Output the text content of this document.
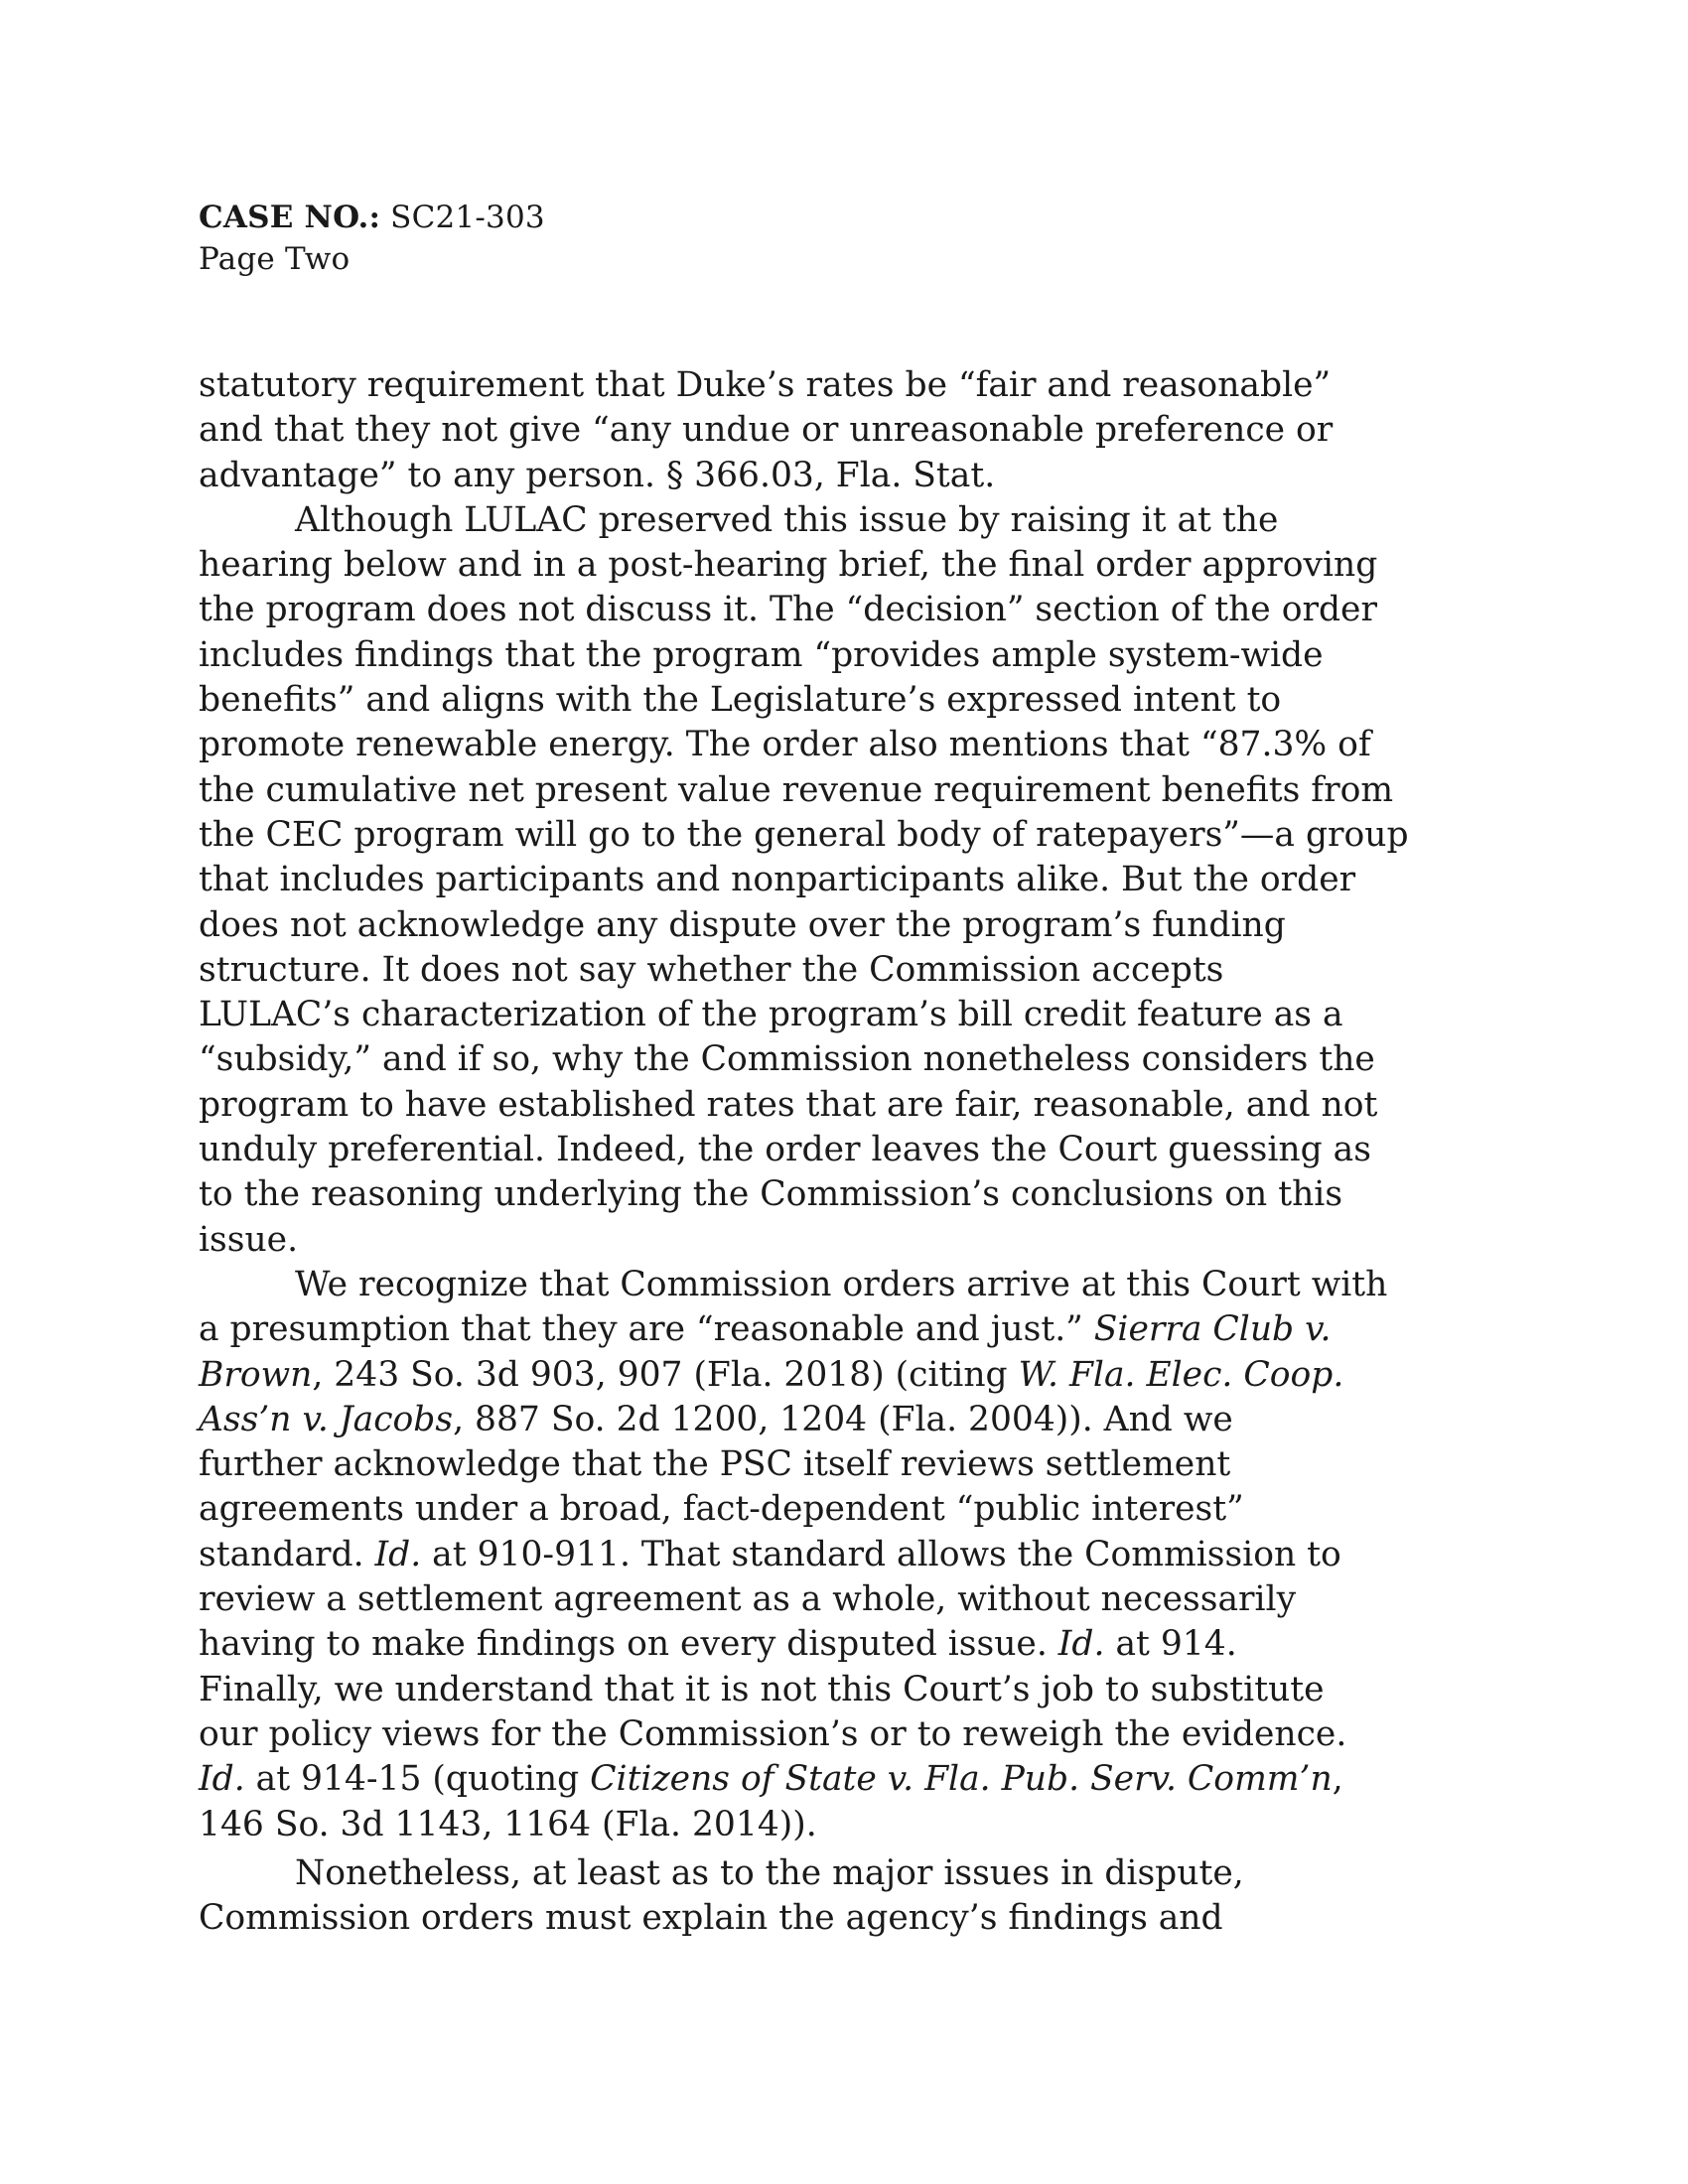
CASE NO.: SC21-303
Page Two
statutory requirement that Duke’s rates be “fair and reasonable”
and that they not give “any undue or unreasonable preference or
advantage” to any person. § 366.03, Fla. Stat.
Although LULAC preserved this issue by raising it at the
hearing below and in a post-hearing brief, the final order approving
the program does not discuss it. The “decision” section of the order
includes findings that the program “provides ample system-wide
benefits” and aligns with the Legislature’s expressed intent to
promote renewable energy. The order also mentions that “87.3% of
the cumulative net present value revenue requirement benefits from
the CEC program will go to the general body of ratepayers”—a group
that includes participants and nonparticipants alike. But the order
does not acknowledge any dispute over the program’s funding
structure. It does not say whether the Commission accepts
LULAC’s characterization of the program’s bill credit feature as a
“subsidy,” and if so, why the Commission nonetheless considers the
program to have established rates that are fair, reasonable, and not
unduly preferential. Indeed, the order leaves the Court guessing as
to the reasoning underlying the Commission’s conclusions on this
issue.
We recognize that Commission orders arrive at this Court with
a presumption that they are “reasonable and just.” Sierra Club v.
Brown, 243 So. 3d 903, 907 (Fla. 2018) (citing W. Fla. Elec. Coop.
Ass’n v. Jacobs, 887 So. 2d 1200, 1204 (Fla. 2004)). And we
further acknowledge that the PSC itself reviews settlement
agreements under a broad, fact-dependent “public interest”
standard. Id. at 910-911. That standard allows the Commission to
review a settlement agreement as a whole, without necessarily
having to make findings on every disputed issue. Id. at 914.
Finally, we understand that it is not this Court’s job to substitute
our policy views for the Commission’s or to reweigh the evidence.
Id. at 914-15 (quoting Citizens of State v. Fla. Pub. Serv. Comm’n,
146 So. 3d 1143, 1164 (Fla. 2014)).
Nonetheless, at least as to the major issues in dispute,
Commission orders must explain the agency’s findings and
